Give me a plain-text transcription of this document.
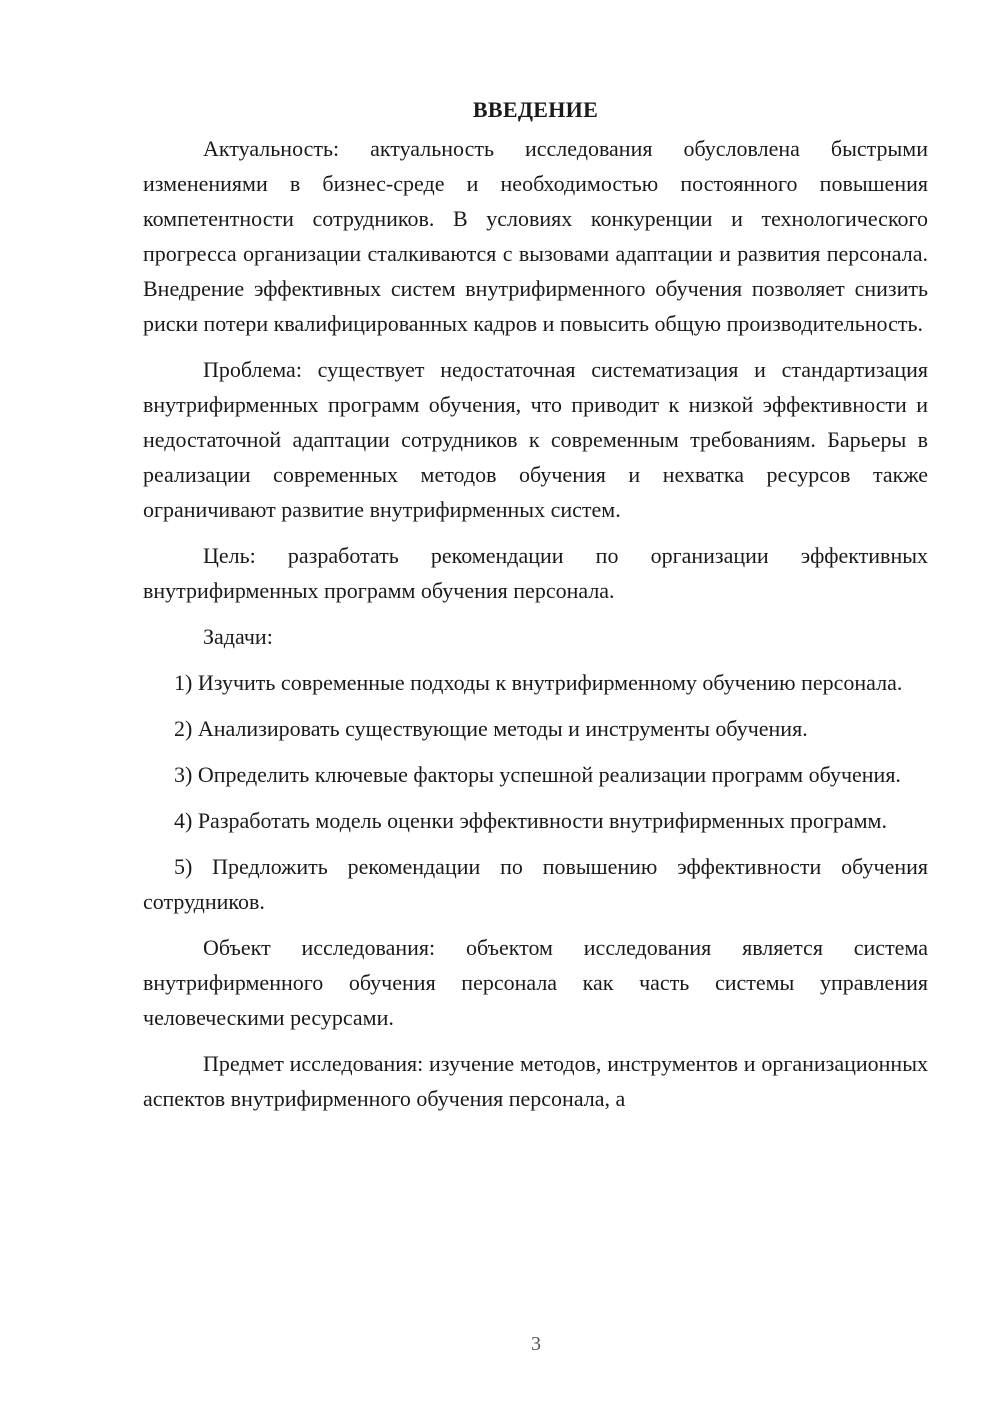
ВВЕДЕНИЕ

Актуальность: актуальность исследования обусловлена быстрыми изменениями в бизнес-среде и необходимостью постоянного повышения компетентности сотрудников. В условиях конкуренции и технологического прогресса организации сталкиваются с вызовами адаптации и развития персонала. Внедрение эффективных систем внутрифирменного обучения позволяет снизить риски потери квалифицированных кадров и повысить общую производительность.

Проблема: существует недостаточная систематизация и стандартизация внутрифирменных программ обучения, что приводит к низкой эффективности и недостаточной адаптации сотрудников к современным требованиям. Барьеры в реализации современных методов обучения и нехватка ресурсов также ограничивают развитие внутрифирменных систем.

Цель: разработать рекомендации по организации эффективных внутрифирменных программ обучения персонала.

Задачи:

1) Изучить современные подходы к внутрифирменному обучению персонала.

2) Анализировать существующие методы и инструменты обучения.

3) Определить ключевые факторы успешной реализации программ обучения.

4) Разработать модель оценки эффективности внутрифирменных программ.

5) Предложить рекомендации по повышению эффективности обучения сотрудников.

Объект исследования: объектом исследования является система внутрифирменного обучения персонала как часть системы управления человеческими ресурсами.

Предмет исследования: изучение методов, инструментов и организационных аспектов внутрифирменного обучения персонала, а

3
